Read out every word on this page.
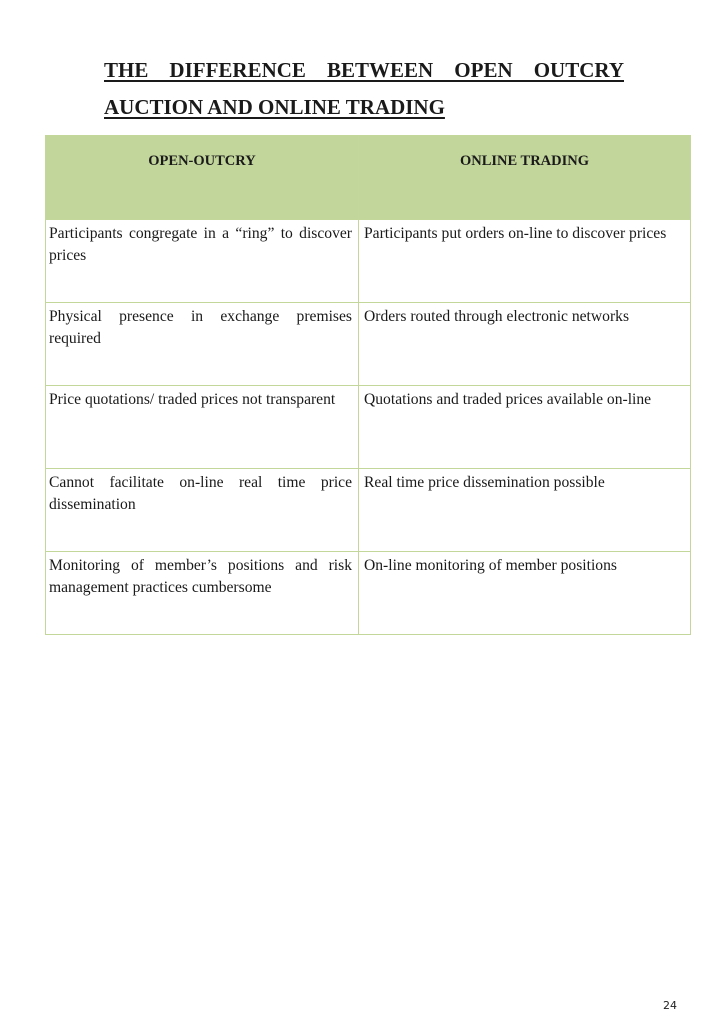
THE DIFFERENCE BETWEEN OPEN OUTCRY
AUCTION AND ONLINE TRADING
OPEN-OUTCRY	ONLINE TRADING
Participants congregate in a “ring” to discover prices	Participants put orders on-line to discover prices
Physical presence in exchange premises required	Orders routed through electronic networks
Price quotations/ traded prices not transparent	Quotations and traded prices available on-line
Cannot facilitate on-line real time price dissemination	Real time price dissemination possible
Monitoring of member’s positions and risk management practices cumbersome	On-line monitoring of member positions
24
